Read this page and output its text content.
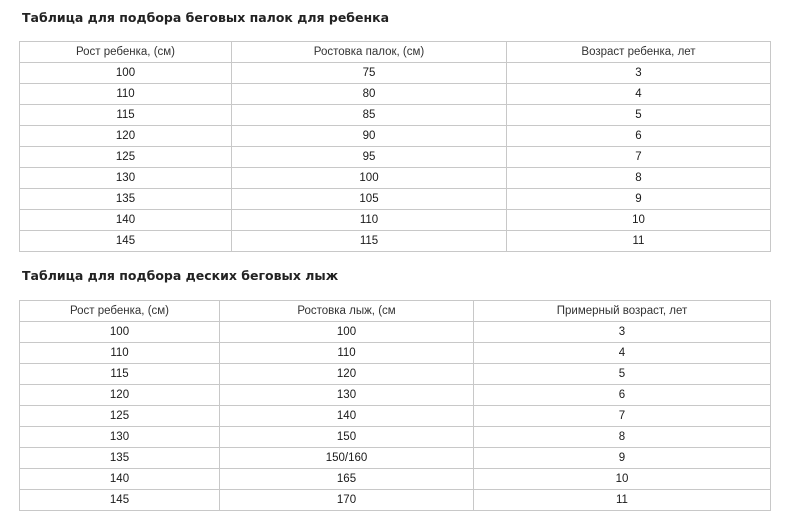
Таблица для подбора беговых палок для ребенка
Рост ребенка, (см)	Ростовка палок, (см)	Возраст ребенка, лет
100	75	3
110	80	4
115	85	5
120	90	6
125	95	7
130	100	8
135	105	9
140	110	10
145	115	11
Таблица для подбора деских беговых лыж
Рост ребенка, (см)	Ростовка лыж, (см	Примерный возраст, лет
100	100	3
110	110	4
115	120	5
120	130	6
125	140	7
130	150	8
135	150/160	9
140	165	10
145	170	11
